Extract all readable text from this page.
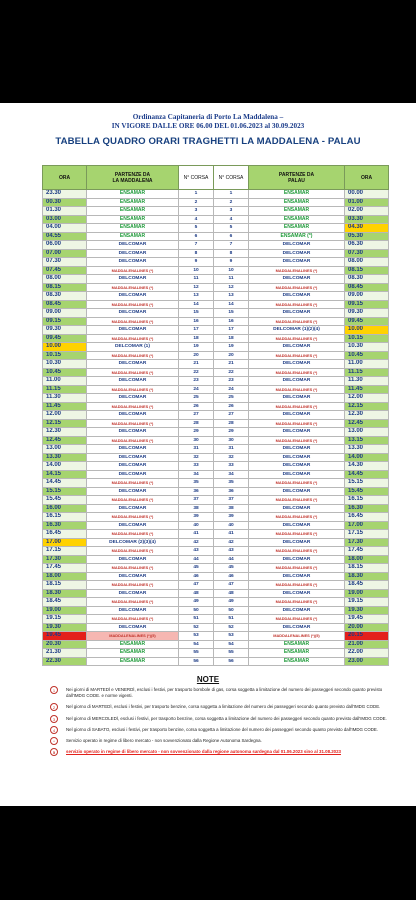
Ordinanza Capitaneria di Porto La Maddalena –
IN VIGORE DALLE ORE 06.00 DEL 01.06.2023 al 30.09.2023
TABELLA QUADRO ORARI TRAGHETTI LA MADDALENA - PALAU
ORA	PARTENZE DA
LA MADDALENA	N° CORSA	N° CORSA	PARTENZE DA
PALAU	ORA
23.30	ENSAMAR	1	1	ENSAMAR	00.00
00.30	ENSAMAR	2	2	ENSAMAR	01.00
01.30	ENSAMAR	3	3	ENSAMAR	02.00
03.00	ENSAMAR	4	4	ENSAMAR	03.30
04.00	ENSAMAR	5	5	ENSAMAR	04.30
04.55	ENSAMAR	6	6	ENSAMAR (*)	05.30
06.00	DELCOMAR	7	7	DELCOMAR	06.30
07.00	DELCOMAR	8	8	DELCOMAR	07.30
07.30	DELCOMAR	9	9	DELCOMAR	08.00
07.45	MADDALENALINES (*)	10	10	MADDALENALINES (*)	08.15
08.00	DELCOMAR	11	11	DELCOMAR	08.30
08.15	MADDALENALINES (*)	12	12	MADDALENALINES (*)	08.45
08.30	DELCOMAR	13	13	DELCOMAR	09.00
08.45	MADDALENALINES (*)	14	14	MADDALENALINES (*)	09.15
09.00	DELCOMAR	15	15	DELCOMAR	09.30
09.15	MADDALENALINES (*)	16	16	MADDALENALINES (*)	09.45
09.30	DELCOMAR	17	17	DELCOMAR (1)(2)(4)	10.00
09.45	MADDALENALINES (*)	18	18	MADDALENALINES (*)	10.15
10.00	DELCOMAR (1)	19	19	DELCOMAR	10.30
10.15	MADDALENALINES (*)	20	20	MADDALENALINES (*)	10.45
10.30	DELCOMAR	21	21	DELCOMAR	11.00
10.45	MADDALENALINES (*)	22	22	MADDALENALINES (*)	11.15
11.00	DELCOMAR	23	23	DELCOMAR	11.30
11.15	MADDALENALINES (*)	24	24	MADDALENALINES (*)	11.45
11.30	DELCOMAR	25	25	DELCOMAR	12.00
11.45	MADDALENALINES (*)	26	26	MADDALENALINES (*)	12.15
12.00	DELCOMAR	27	27	DELCOMAR	12.30
12.15	MADDALENALINES (*)	28	28	MADDALENALINES (*)	12.45
12.30	DELCOMAR	29	29	DELCOMAR	13.00
12.45	MADDALENALINES (*)	30	30	MADDALENALINES (*)	13.15
13.00	DELCOMAR	31	31	DELCOMAR	13.30
13.30	DELCOMAR	32	32	DELCOMAR	14.00
14.00	DELCOMAR	33	33	DELCOMAR	14.30
14.15	DELCOMAR	34	34	DELCOMAR	14.45
14.45	MADDALENALINES (*)	35	35	MADDALENALINES (*)	15.15
15.15	DELCOMAR	36	36	DELCOMAR	15.45
15.45	MADDALENALINES (*)	37	37	MADDALENALINES (*)	16.15
16.00	DELCOMAR	38	38	DELCOMAR	16.30
16.15	MADDALENALINES (*)	39	39	MADDALENALINES (*)	16.45
16.30	DELCOMAR	40	40	DELCOMAR	17.00
16.45	MADDALENALINES (*)	41	41	MADDALENALINES (*)	17.15
17.00	DELCOMAR (2)(3)(4)	42	42	DELCOMAR	17.30
17.15	MADDALENALINES (*)	43	43	MADDALENALINES (*)	17.45
17.30	DELCOMAR	44	44	DELCOMAR	18.00
17.45	MADDALENALINES (*)	45	45	MADDALENALINES (*)	18.15
18.00	DELCOMAR	46	46	DELCOMAR	18.30
18.15	MADDALENALINES (*)	47	47	MADDALENALINES (*)	18.45
18.30	DELCOMAR	48	48	DELCOMAR	19.00
18.45	MADDALENALINES (*)	49	49	MADDALENALINES (*)	19.15
19.00	DELCOMAR	50	50	DELCOMAR	19.30
19.15	MADDALENALINES (*)	51	51	MADDALENALINES (*)	19.45
19.30	DELCOMAR	52	52	DELCOMAR	20.00
19.45	MADDALENALINES (*)(5)	53	53	MADDALENALINES (*)(5)	20.15
20.30	ENSAMAR	54	54	ENSAMAR	21.00
21.30	ENSAMAR	55	55	ENSAMAR	22.00
22.30	ENSAMAR	56	56	ENSAMAR	23.00
NOTE
1	Nei giorni di MARTEDÌ e VENERDÌ, esclusi i festivi, per trasporto bombole di gas, corsa soggetta a limitazione del numero dei passeggeri secondo quanto previsto dall'IMDG CODE. e norme vigenti.
2	Nel giorno di MARTEDÌ, esclusi i festivi, per trasporto benzine, corsa soggetta a limitazione del numero dei passeggeri secondo quanto previsto dall'IMDG CODE.
3	Nel giorno di MERCOLEDÌ, esclusi i festivi, per trasporto benzine, corsa soggetta a limitazione del numero dei passeggeri secondo quanto previsto dall'IMDG CODE.
4	Nel giorno di SABATO, esclusi i festivi, per trasporto benzine, corsa soggetta a limitazione del numero dei passeggeri secondo quanto previsto dall'IMDG CODE.
*	Servizio operato in regime di libero mercato - non sovvenzionato dalla Regione Autonoma Sardegna.
5	servizio operato in regime di libero mercato - non sovvenzionato dalla regione autonoma sardegna dal 01.06.2023 sino al 31.08.2023
